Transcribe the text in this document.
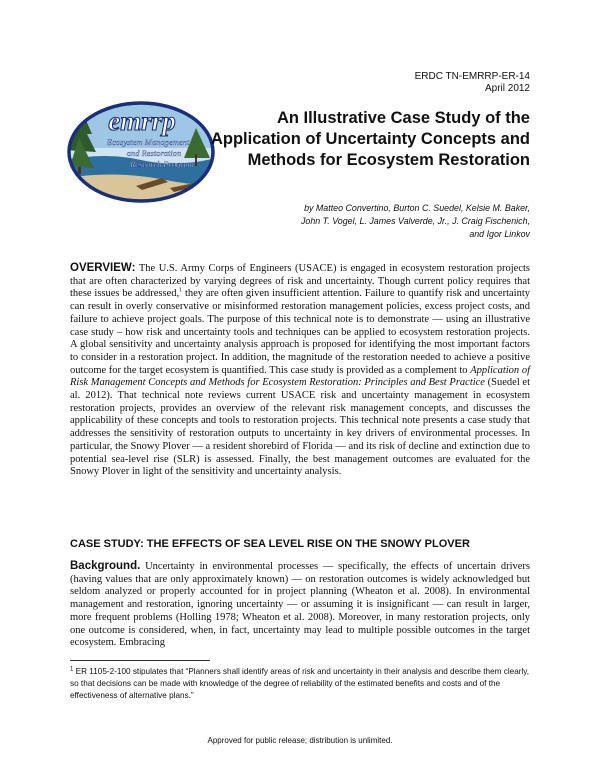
ERDC TN-EMRRP-ER-14
April 2012
emrrp
Ecosystem Management
and Restoration
Research Program
An Illustrative Case Study of the Application of Uncertainty Concepts and Methods for Ecosystem Restoration
by Matteo Convertino, Burton C. Suedel, Kelsie M. Baker,
John T. Vogel, L. James Valverde, Jr., J. Craig Fischenich,
and Igor Linkov
OVERVIEW: The U.S. Army Corps of Engineers (USACE) is engaged in ecosystem restoration projects that are often characterized by varying degrees of risk and uncertainty. Though current policy requires that these issues be addressed,$^1$ they are often given insufficient attention. Failure to quantify risk and uncertainty can result in overly conservative or misinformed restoration management policies, excess project costs, and failure to achieve project goals. The purpose of this technical note is to demonstrate — using an illustrative case study – how risk and uncertainty tools and techniques can be applied to ecosystem restoration projects. A global sensitivity and uncertainty analysis approach is proposed for identifying the most important factors to consider in a restoration project. In addition, the magnitude of the restoration needed to achieve a positive outcome for the target ecosystem is quantified. This case study is provided as a complement to Application of Risk Management Concepts and Methods for Ecosystem Restoration: Principles and Best Practice (Suedel et al. 2012). That technical note reviews current USACE risk and uncertainty management in ecosystem restoration projects, provides an overview of the relevant risk management concepts, and discusses the applicability of these concepts and tools to restoration projects. This technical note presents a case study that addresses the sensitivity of restoration outputs to uncertainty in key drivers of environmental processes. In particular, the Snowy Plover — a resident shorebird of Florida — and its risk of decline and extinction due to potential sea-level rise (SLR) is assessed. Finally, the best management outcomes are evaluated for the Snowy Plover in light of the sensitivity and uncertainty analysis.
CASE STUDY: THE EFFECTS OF SEA LEVEL RISE ON THE SNOWY PLOVER
Background. Uncertainty in environmental processes — specifically, the effects of uncertain drivers (having values that are only approximately known) — on restoration outcomes is widely acknowledged but seldom analyzed or properly accounted for in project planning (Wheaton et al. 2008). In environmental management and restoration, ignoring uncertainty — or assuming it is insignificant — can result in larger, more frequent problems (Holling 1978; Wheaton et al. 2008). Moreover, in many restoration projects, only one outcome is considered, when, in fact, uncertainty may lead to multiple possible outcomes in the target ecosystem. Embracing
$^1$ ER 1105-2-100 stipulates that “Planners shall identify areas of risk and uncertainty in their analysis and describe them clearly, so that decisions can be made with knowledge of the degree of reliability of the estimated benefits and costs and of the effectiveness of alternative plans.”
Approved for public release; distribution is unlimited.
